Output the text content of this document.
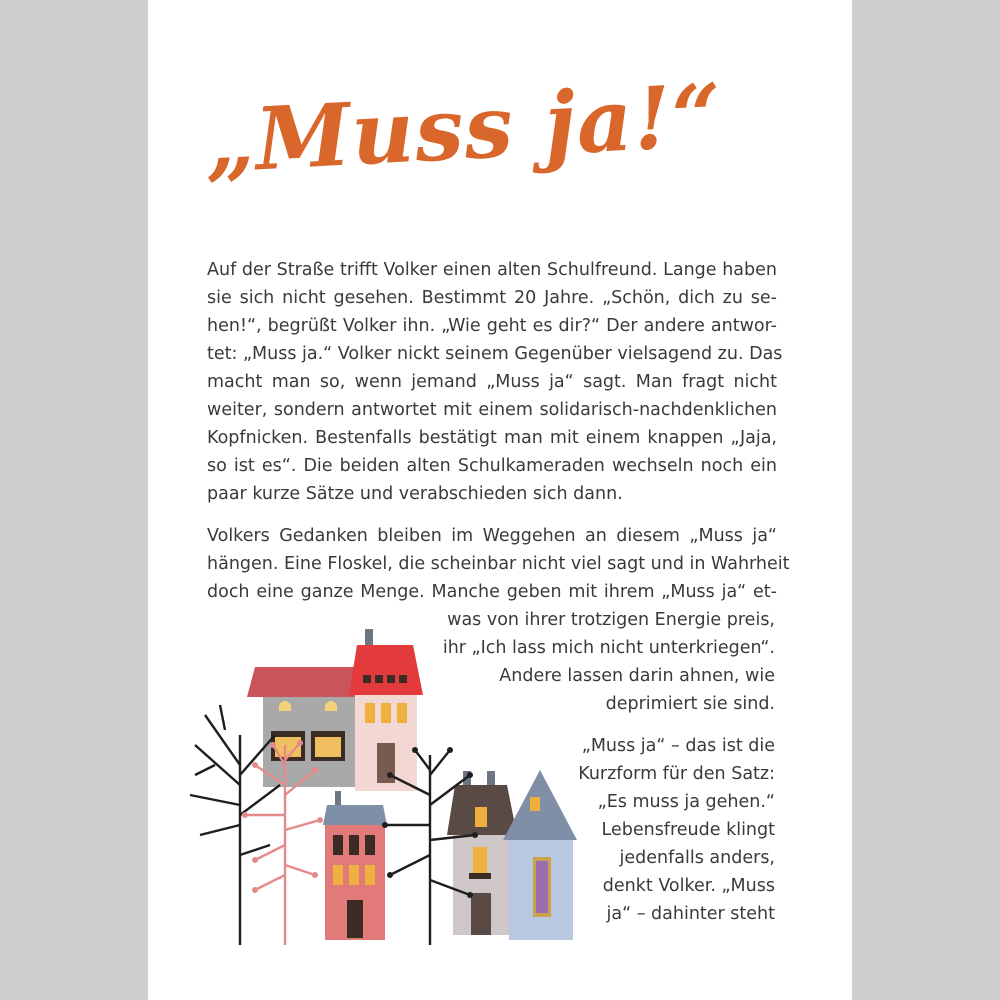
„Muss ja!“
Auf der Straße trifft Volker einen alten Schulfreund. Lange haben
sie sich nicht gesehen. Bestimmt 20 Jahre. „Schön, dich zu se-
hen!“, begrüßt Volker ihn. „Wie geht es dir?“ Der andere antwor-
tet: „Muss ja.“ Volker nickt seinem Gegenüber vielsagend zu. Das
macht man so, wenn jemand „Muss ja“ sagt. Man fragt nicht
weiter, sondern antwortet mit einem solidarisch-nachdenklichen
Kopfnicken. Bestenfalls bestätigt man mit einem knappen „Jaja,
so ist es“. Die beiden alten Schulkameraden wechseln noch ein
paar kurze Sätze und verabschieden sich dann.
Volkers Gedanken bleiben im Weggehen an diesem „Muss ja“
hängen. Eine Floskel, die scheinbar nicht viel sagt und in Wahrheit
doch eine ganze Menge. Manche geben mit ihrem „Muss ja“ et-
was von ihrer trotzigen Energie preis,
ihr „Ich lass mich nicht unterkriegen“.
Andere lassen darin ahnen, wie
deprimiert sie sind.
„Muss ja“ – das ist die
Kurzform für den Satz:
„Es muss ja gehen.“
Lebensfreude klingt
jedenfalls anders,
denkt Volker. „Muss
ja“ – dahinter steht
